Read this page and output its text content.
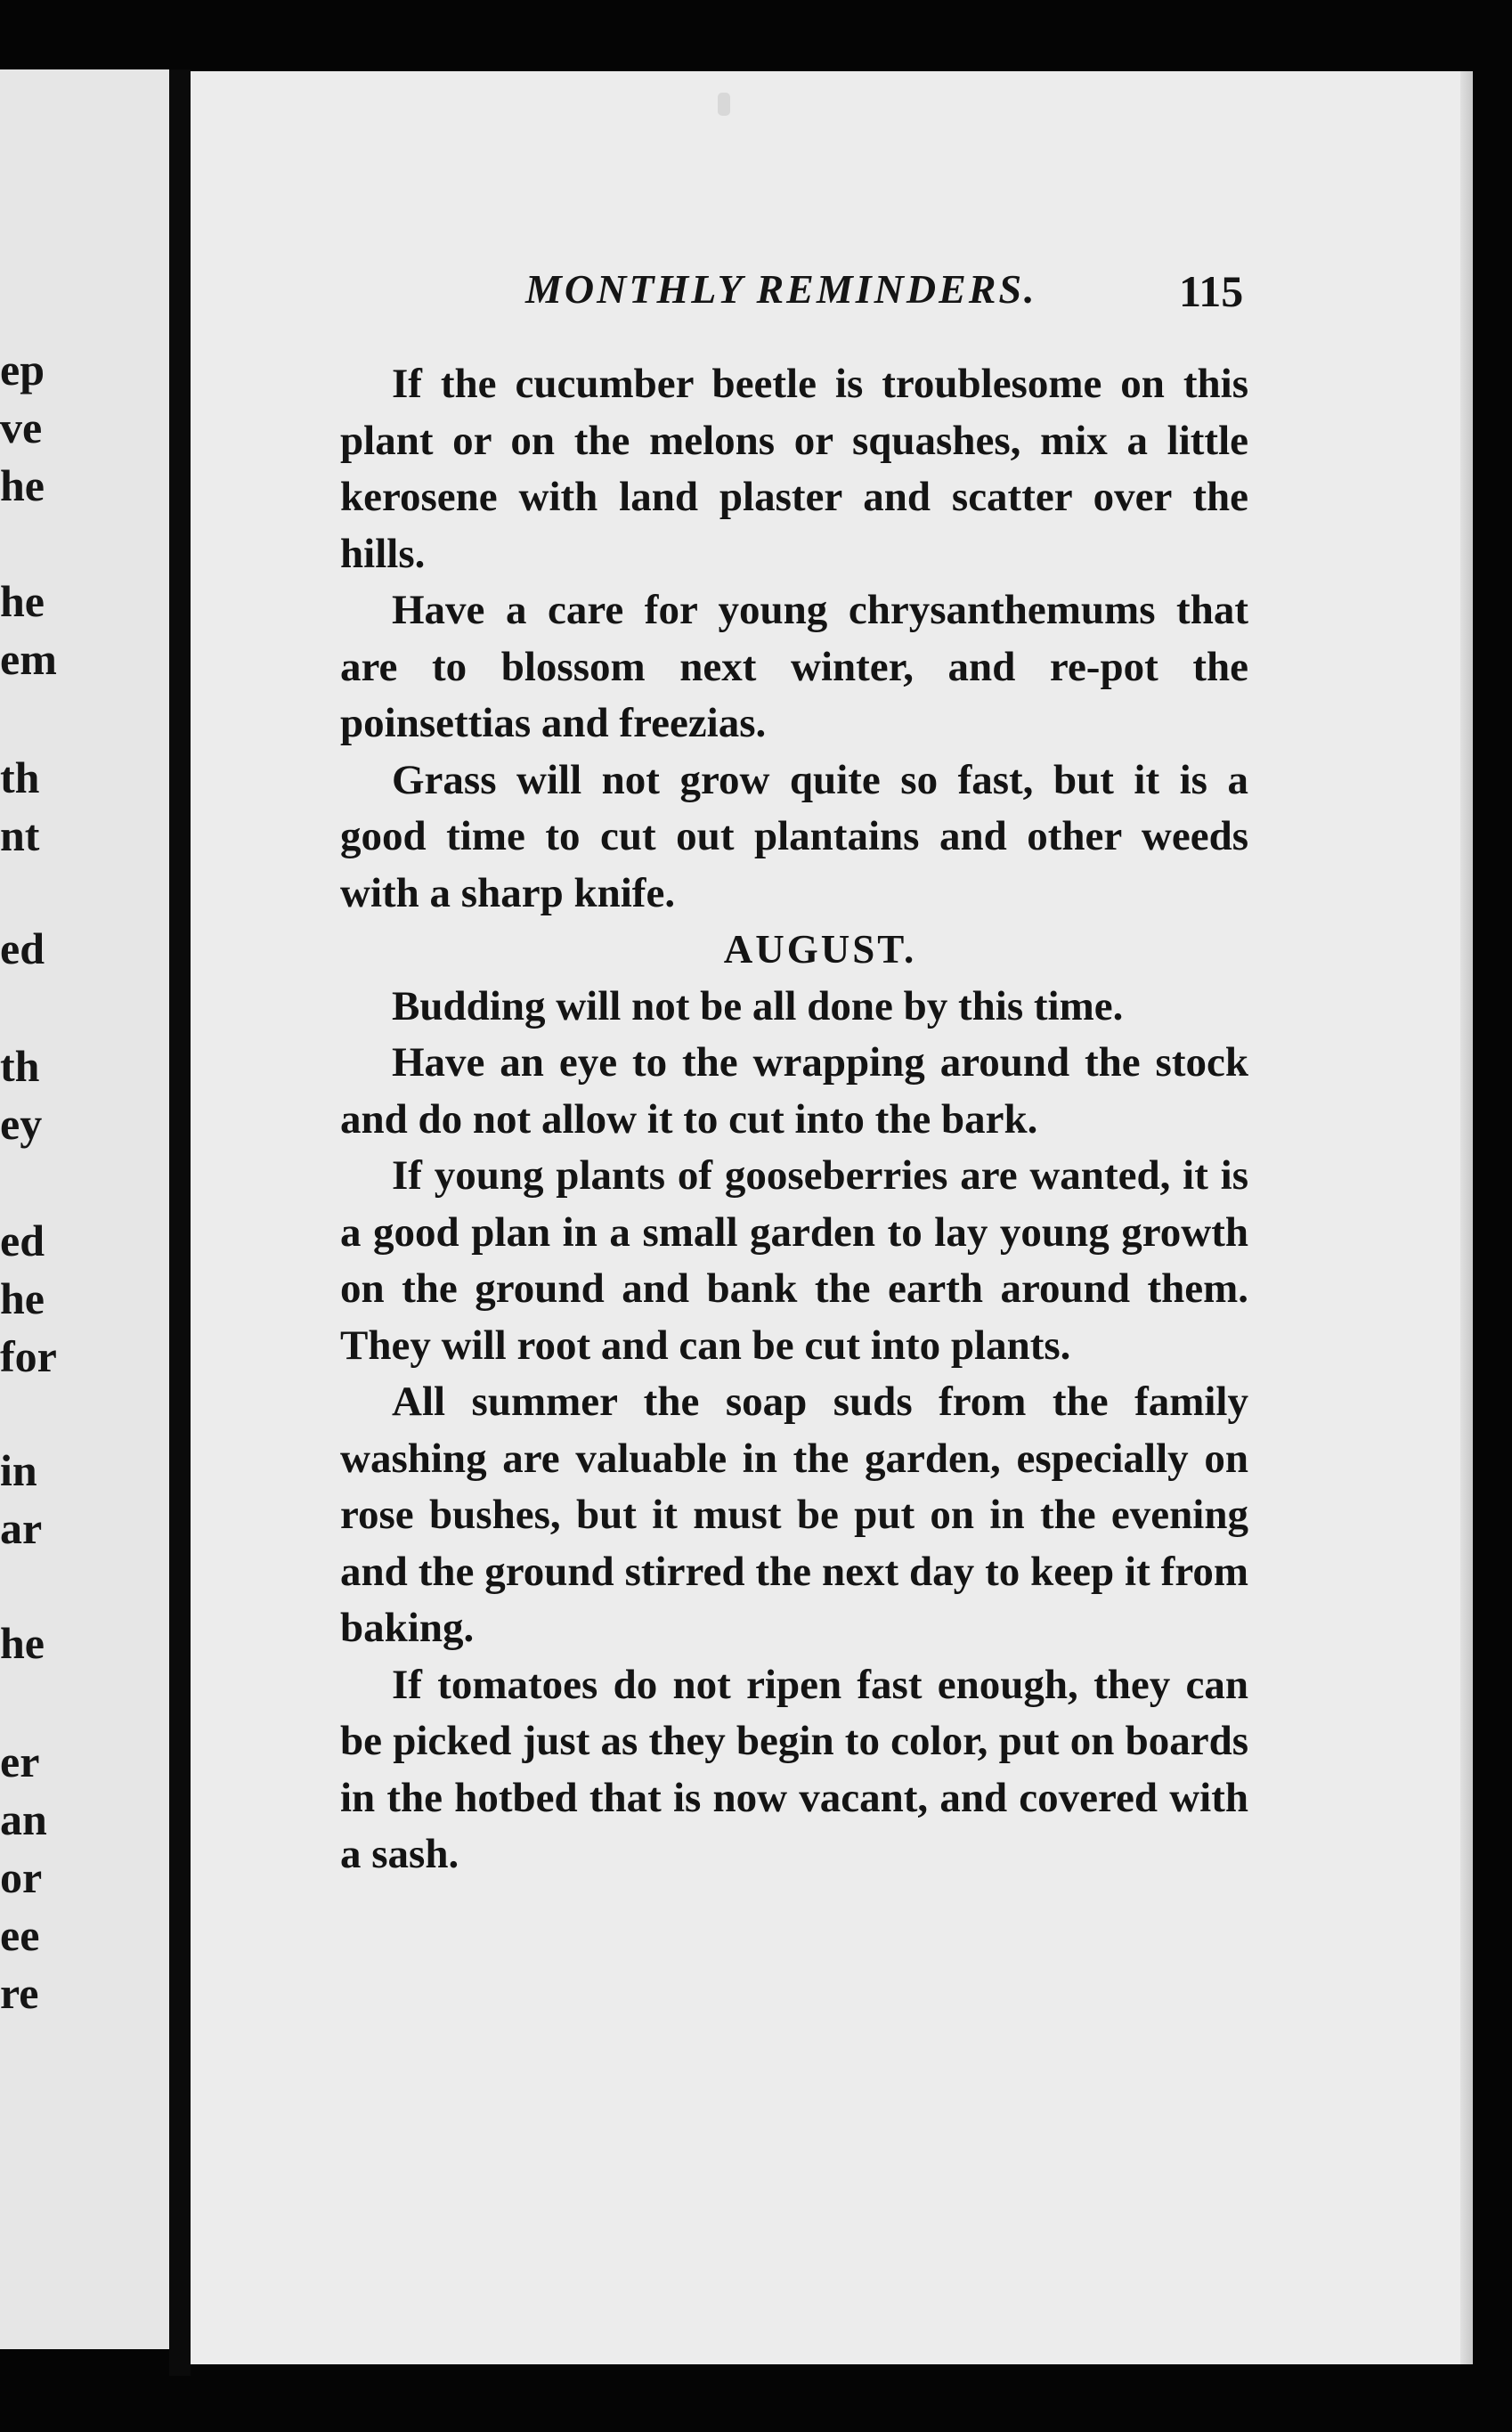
ep
ve
he
he
em
th
nt
ed
th
ey
ed
he
for
in
ar
he
er
an
or
ee
re
MONTHLY REMINDERS.	115

If the cucumber beetle is troublesome on this plant or on the melons or squashes, mix a little kerosene with land plaster and scatter over the hills.

Have a care for young chrysanthemums that are to blossom next winter, and re-pot the poinsettias and freezias.

Grass will not grow quite so fast, but it is a good time to cut out plantains and other weeds with a sharp knife.

AUGUST.

Budding will not be all done by this time.

Have an eye to the wrapping around the stock and do not allow it to cut into the bark.

If young plants of gooseberries are wanted, it is a good plan in a small garden to lay young growth on the ground and bank the earth around them. They will root and can be cut into plants.

All summer the soap suds from the family washing are valuable in the garden, especially on rose bushes, but it must be put on in the evening and the ground stirred the next day to keep it from baking.

If tomatoes do not ripen fast enough, they can be picked just as they begin to color, put on boards in the hotbed that is now vacant, and covered with a sash.
